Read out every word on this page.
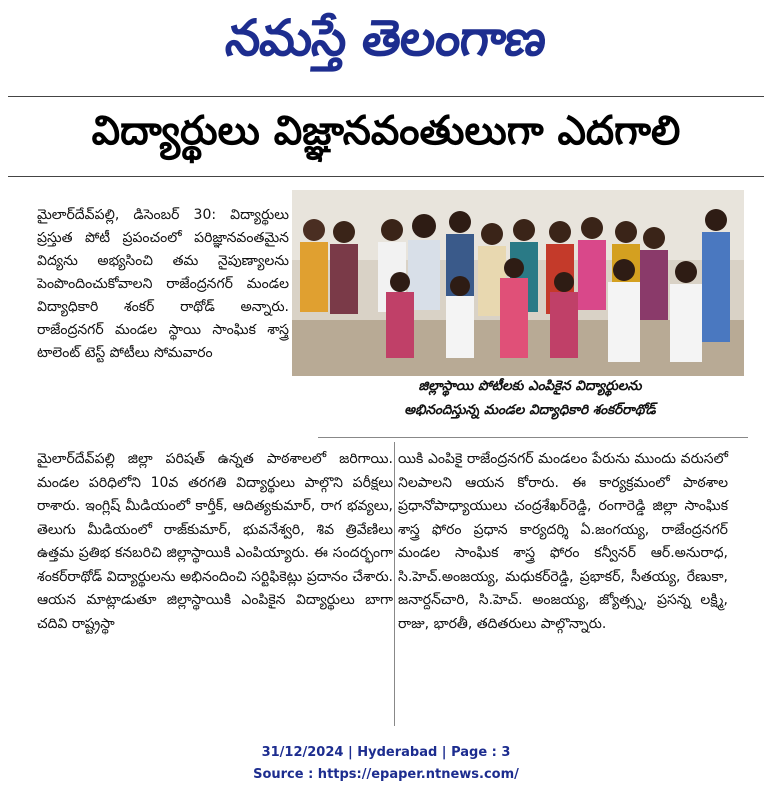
నమస్తే తెలంగాణ
విద్యార్థులు విజ్ఞానవంతులుగా ఎదగాలి

మైలార్‌దేవ్‌పల్లి, డిసెంబర్ 30: విద్యార్థులు ప్రస్తుత పోటీ ప్రపంచంలో పరిజ్ఞానవంతమైన విద్యను అభ్యసించి తమ నైపుణ్యాలను పెంపొందించుకోవాలని రాజేంద్రనగర్ మండల విద్యాధికారి శంకర్ రాథోడ్ అన్నారు. రాజేంద్రనగర్ మండల స్థాయి సాంఘిక శాస్త్ర టాలెంట్ టెస్ట్ పోటీలు సోమవారం

జిల్లాస్థాయి పోటీలకు ఎంపికైన విద్యార్థులను
అభినందిస్తున్న మండల విద్యాధికారి శంకర్‌రాథోడ్

మైలార్‌దేవ్‌పల్లి జిల్లా పరిషత్ ఉన్నత పాఠశాలలో జరిగాయి. మండల పరిధిలోని 10వ తరగతి విద్యార్థులు పాల్గొని పరీక్షలు రాశారు. ఇంగ్లిష్ మీడియంలో కార్తీక్, ఆదిత్యకుమార్, రాగ భవ్యలు, తెలుగు మీడియంలో రాజ్‌కుమార్, భువనేశ్వరి, శివ త్రివేణిలు ఉత్తమ ప్రతిభ కనబరిచి జిల్లాస్థాయికి ఎంపియ్యారు. ఈ సందర్భంగా శంకర్‌రాథోడ్ విద్యార్థులను అభినందించి సర్టిఫికెట్లు ప్రదానం చేశారు. ఆయన మాట్లాడుతూ జిల్లాస్థాయికి ఎంపికైన విద్యార్థులు బాగా చదివి రాష్ట్రస్థా

యికి ఎంపికై రాజేంద్రనగర్ మండలం పేరును ముందు వరుసలో నిలపాలని ఆయన కోరారు. ఈ కార్యక్రమంలో పాఠశాల ప్రధానోపాధ్యాయులు చంద్రశేఖర్‌రెడ్డి, రంగారెడ్డి జిల్లా సాంఘిక శాస్త్ర ఫోరం ప్రధాన కార్యదర్శి ఏ.జంగయ్య, రాజేంద్రనగర్ మండల సాంఘిక శాస్త్ర ఫోరం కన్వీనర్ ఆర్.అనురాధ, సి.హెచ్.అంజయ్య, మధుకర్‌రెడ్డి, ప్రభాకర్, సీతయ్య, రేణుకా, జనార్దన్‌చారి, సి.హెచ్. అంజయ్య, జ్యోత్స్న, ప్రసన్న లక్ష్మి, రాజు, భారతీ, తదితరులు పాల్గొన్నారు.

31/12/2024 | Hyderabad | Page : 3
Source : https://epaper.ntnews.com/
